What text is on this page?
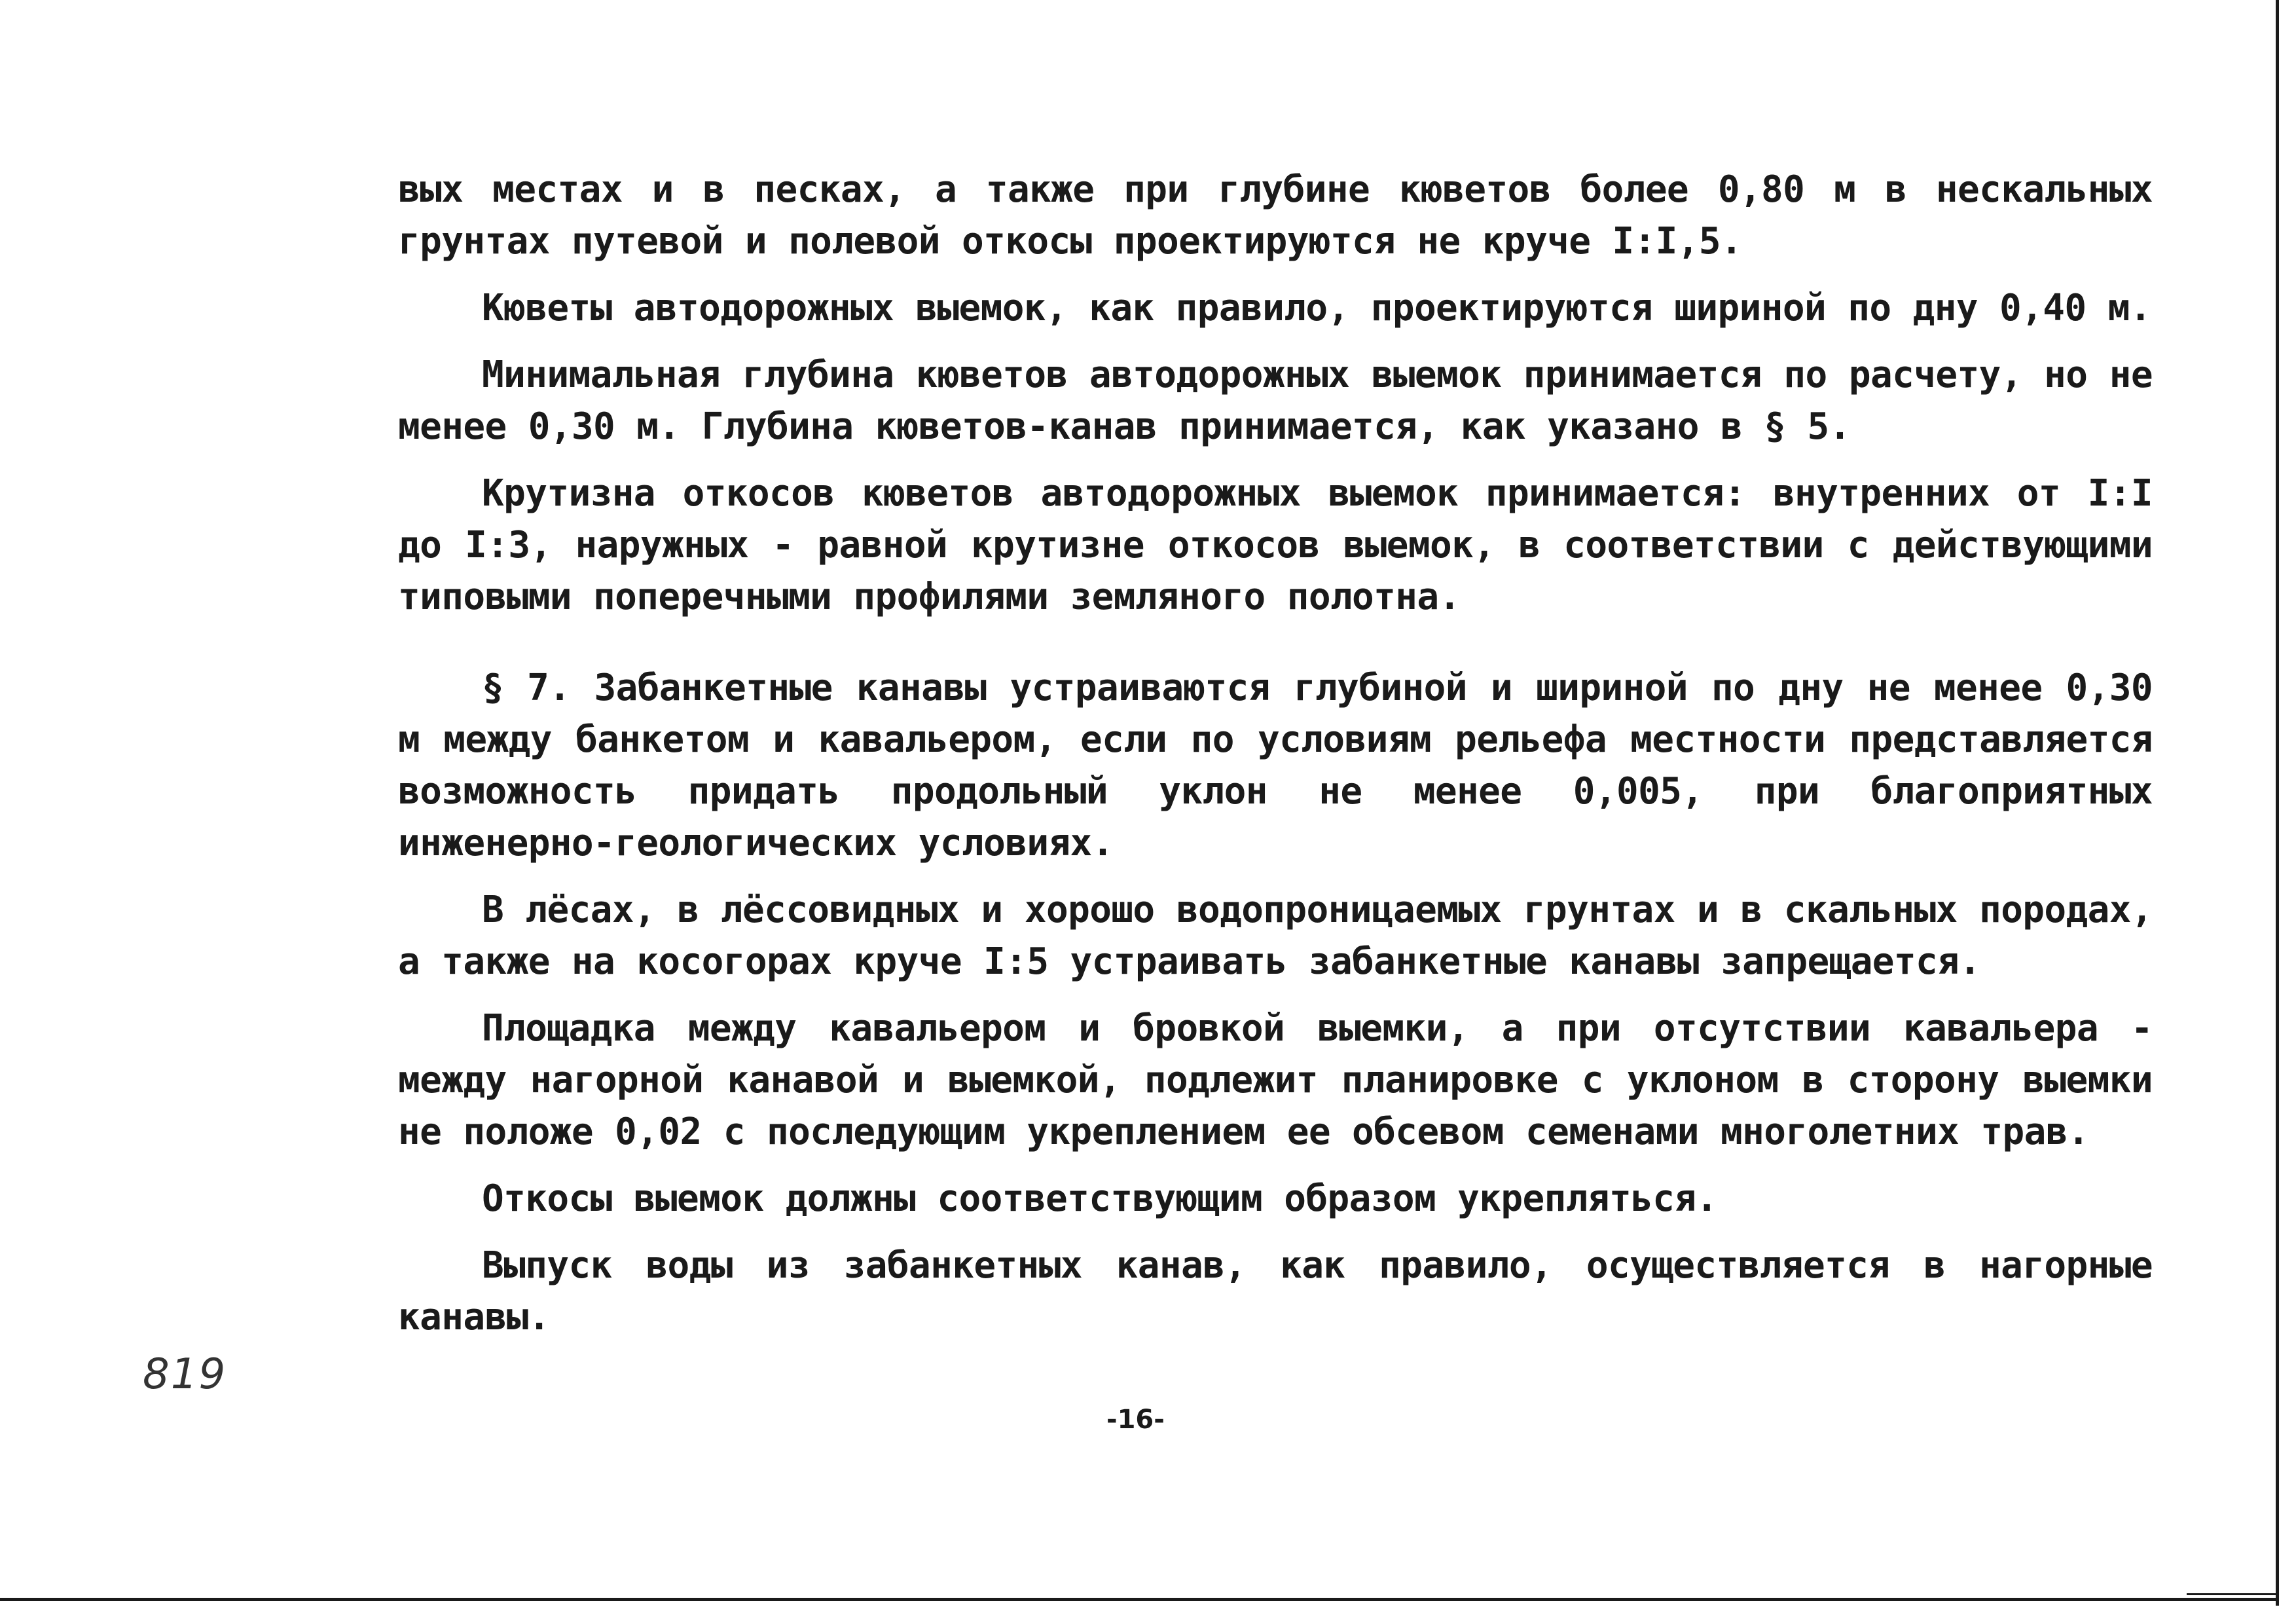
вых местах и в песках, а также при глубине кюветов более 0,80 м в нескальных грунтах путевой и полевой откосы проектируются не круче I:I,5.

Кюветы автодорожных выемок, как правило, проектируются шириной по дну 0,40 м.

Минимальная глубина кюветов автодорожных выемок принимается по расчету, но не менее 0,30 м. Глубина кюветов-канав принимается, как указано в § 5.

Крутизна откосов кюветов автодорожных выемок принимается: внутренних от I:I до I:3, наружных - равной крутизне откосов выемок, в соответствии с действующими типовыми поперечными профилями земляного полотна.

§ 7. Забанкетные канавы устраиваются глубиной и шириной по дну не менее 0,30 м между банкетом и кавальером, если по условиям рельефа местности представляется возможность придать продольный уклон не менее 0,005, при благоприятных инженерно-геологических условиях.

В лёсах, в лёссовидных и хорошо водопроницаемых грунтах и в скальных породах, а также на косогорах круче I:5 устраивать забанкетные канавы запрещается.

Площадка между кавальером и бровкой выемки, а при отсутствии кавальера - между нагорной канавой и выемкой, подлежит планировке с уклоном в сторону выемки не положе 0,02 с последующим укреплением ее обсевом семенами многолетних трав.

Откосы выемок должны соответствующим образом укрепляться.

Выпуск воды из забанкетных канав, как правило, осуществляется в нагорные канавы.

819
-16-
